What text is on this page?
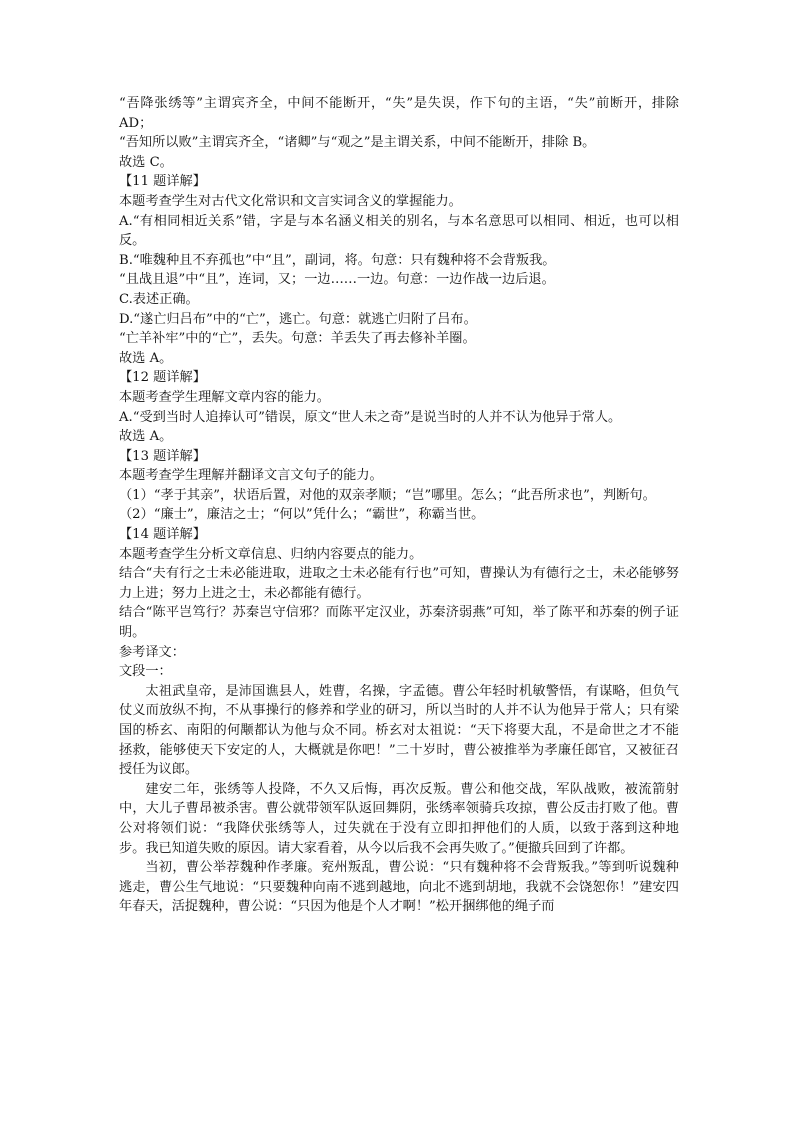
“吾降张绣等”主谓宾齐全，中间不能断开，“失”是失误，作下句的主语，“失”前断开，排除 AD；

“吾知所以败”主谓宾齐全，“诸卿”与“观之”是主谓关系，中间不能断开，排除 B。

故选 C。

【11 题详解】

本题考查学生对古代文化常识和文言实词含义的掌握能力。

A.“有相同相近关系”错，字是与本名涵义相关的别名，与本名意思可以相同、相近，也可以相反。

B.“唯魏种且不弃孤也”中“且”，副词，将。句意：只有魏种将不会背叛我。

“且战且退”中“且”，连词，又；一边……一边。句意：一边作战一边后退。

C.表述正确。

D.“遂亡归吕布”中的“亡”，逃亡。句意：就逃亡归附了吕布。

“亡羊补牢”中的“亡”，丢失。句意：羊丢失了再去修补羊圈。

故选 A。

【12 题详解】

本题考查学生理解文章内容的能力。

A.“受到当时人追捧认可”错误，原文“世人未之奇”是说当时的人并不认为他异于常人。

故选 A。

【13 题详解】

本题考查学生理解并翻译文言文句子的能力。

（1）“孝于其亲”，状语后置，对他的双亲孝顺；“岂”哪里。怎么；“此吾所求也”，判断句。

（2）“廉士”，廉洁之士；“何以”凭什么；“霸世”，称霸当世。

【14 题详解】

本题考查学生分析文章信息、归纳内容要点的能力。

结合“夫有行之士未必能进取，进取之士未必能有行也”可知，曹操认为有德行之士，未必能够努力上进；努力上进之士，未必都能有德行。

结合“陈平岂笃行？苏秦岂守信邪？而陈平定汉业，苏秦济弱燕”可知，举了陈平和苏秦的例子证明。

参考译文：

文段一：

太祖武皇帝，是沛国谯县人，姓曹，名操，字孟德。曹公年轻时机敏警悟，有谋略，但负气仗义而放纵不拘，不从事操行的修养和学业的研习，所以当时的人并不认为他异于常人；只有梁国的桥玄、南阳的何颙都认为他与众不同。桥玄对太祖说：“天下将要大乱，不是命世之才不能拯救，能够使天下安定的人，大概就是你吧！”二十岁时，曹公被推举为孝廉任郎官，又被征召授任为议郎。

建安二年，张绣等人投降，不久又后悔，再次反叛。曹公和他交战，军队战败，被流箭射中，大儿子曹昂被杀害。曹公就带领军队返回舞阴，张绣率领骑兵攻掠，曹公反击打败了他。曹公对将领们说：“我降伏张绣等人，过失就在于没有立即扣押他们的人质，以致于落到这种地步。我已知道失败的原因。请大家看着，从今以后我不会再失败了。”便撤兵回到了许都。

当初，曹公举荐魏种作孝廉。兖州叛乱，曹公说：“只有魏种将不会背叛我。”等到听说魏种逃走，曹公生气地说：“只要魏种向南不逃到越地，向北不逃到胡地，我就不会饶恕你！”建安四年春天，活捉魏种，曹公说：“只因为他是个人才啊！”松开捆绑他的绳子而
